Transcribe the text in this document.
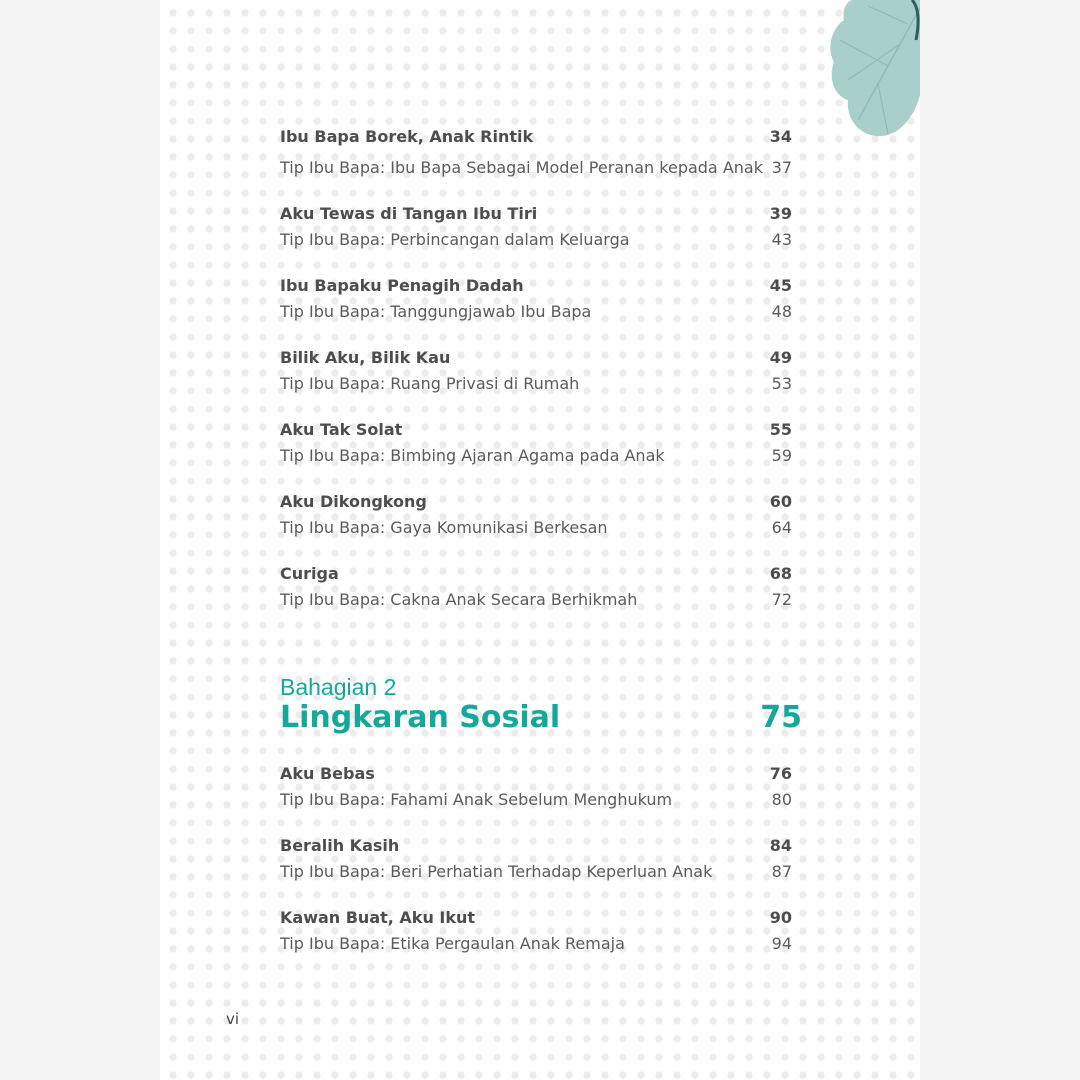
Ibu Bapa Borek, Anak Rintik	34
Tip Ibu Bapa: Ibu Bapa Sebagai Model Peranan kepada Anak 37
Aku Tewas di Tangan Ibu Tiri	39
Tip Ibu Bapa: Perbincangan dalam Keluarga	43
Ibu Bapaku Penagih Dadah	45
Tip Ibu Bapa: Tanggungjawab Ibu Bapa	48
Bilik Aku, Bilik Kau	49
Tip Ibu Bapa: Ruang Privasi di Rumah	53
Aku Tak Solat	55
Tip Ibu Bapa: Bimbing Ajaran Agama pada Anak	59
Aku Dikongkong	60
Tip Ibu Bapa: Gaya Komunikasi Berkesan	64
Curiga	68
Tip Ibu Bapa: Cakna Anak Secara Berhikmah	72
Bahagian 2
Lingkaran Sosial	75
Aku Bebas	76
Tip Ibu Bapa: Fahami Anak Sebelum Menghukum	80
Beralih Kasih	84
Tip Ibu Bapa: Beri Perhatian Terhadap Keperluan Anak	87
Kawan Buat, Aku Ikut	90
Tip Ibu Bapa: Etika Pergaulan Anak Remaja	94
vi
